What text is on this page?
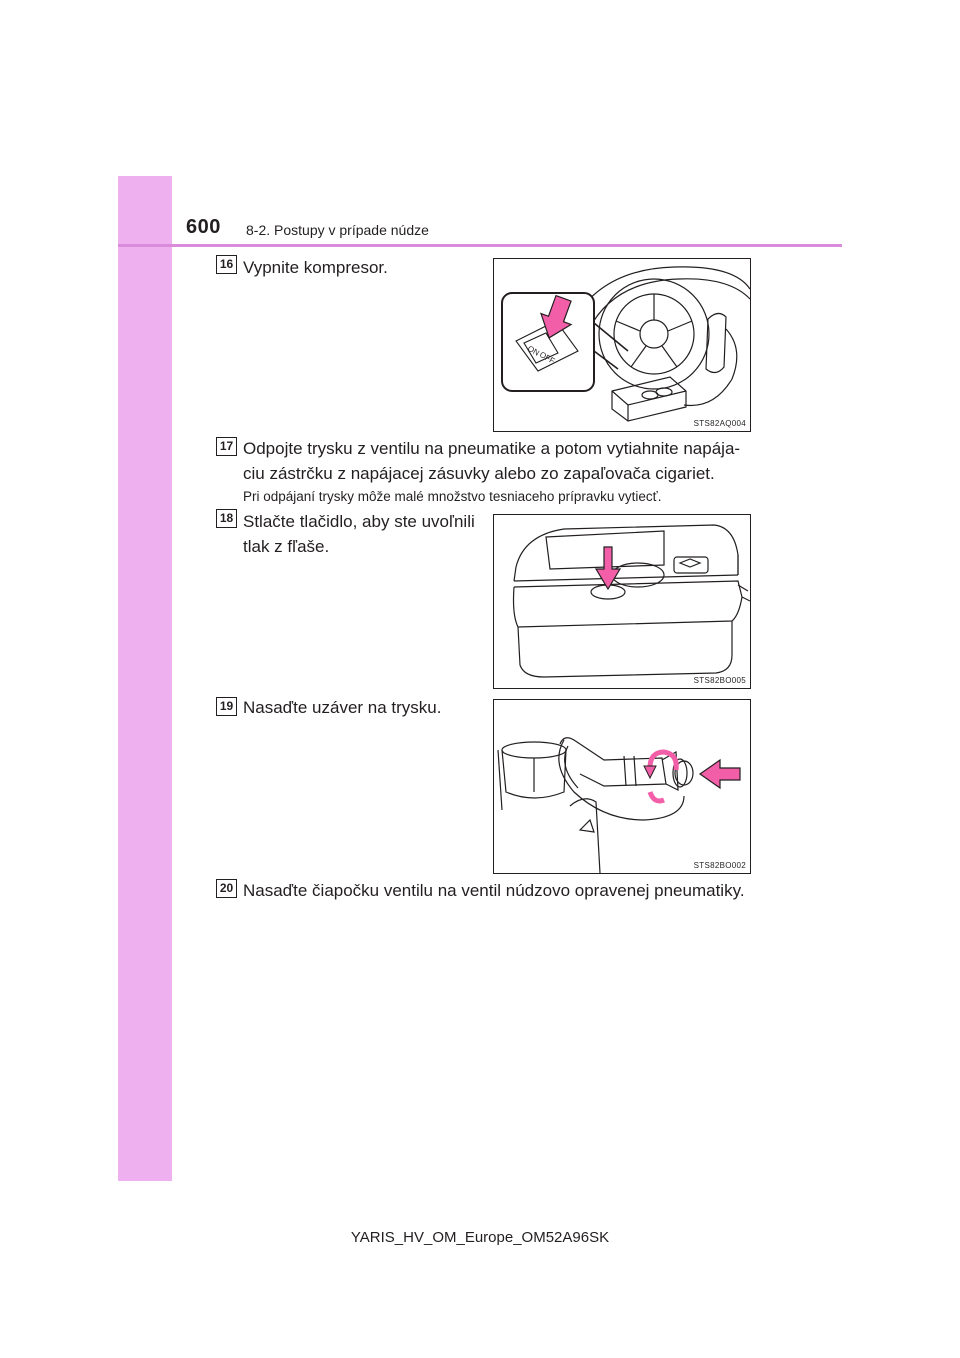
600 8-2. Postupy v prípade núdze
16 Vypnite kompresor.

ON
OFF
STS82AQ004
17 Odpojte trysku z ventilu na pneumatike a potom vytiahnite napája-

ciu zástrčku z napájacej zásuvky alebo zo zapaľovača cigariet.

Pri odpájaní trysky môže malé množstvo tesniaceho prípravku vytiecť.

18 Stlačte tlačidlo, aby ste uvoľnili

tlak z fľaše.

STS82BO005
19 Nasaďte uzáver na trysku.

STS82BO002
20 Nasaďte čiapočku ventilu na ventil núdzovo opravenej pneumatiky.

YARIS_HV_OM_Europe_OM52A96SK
